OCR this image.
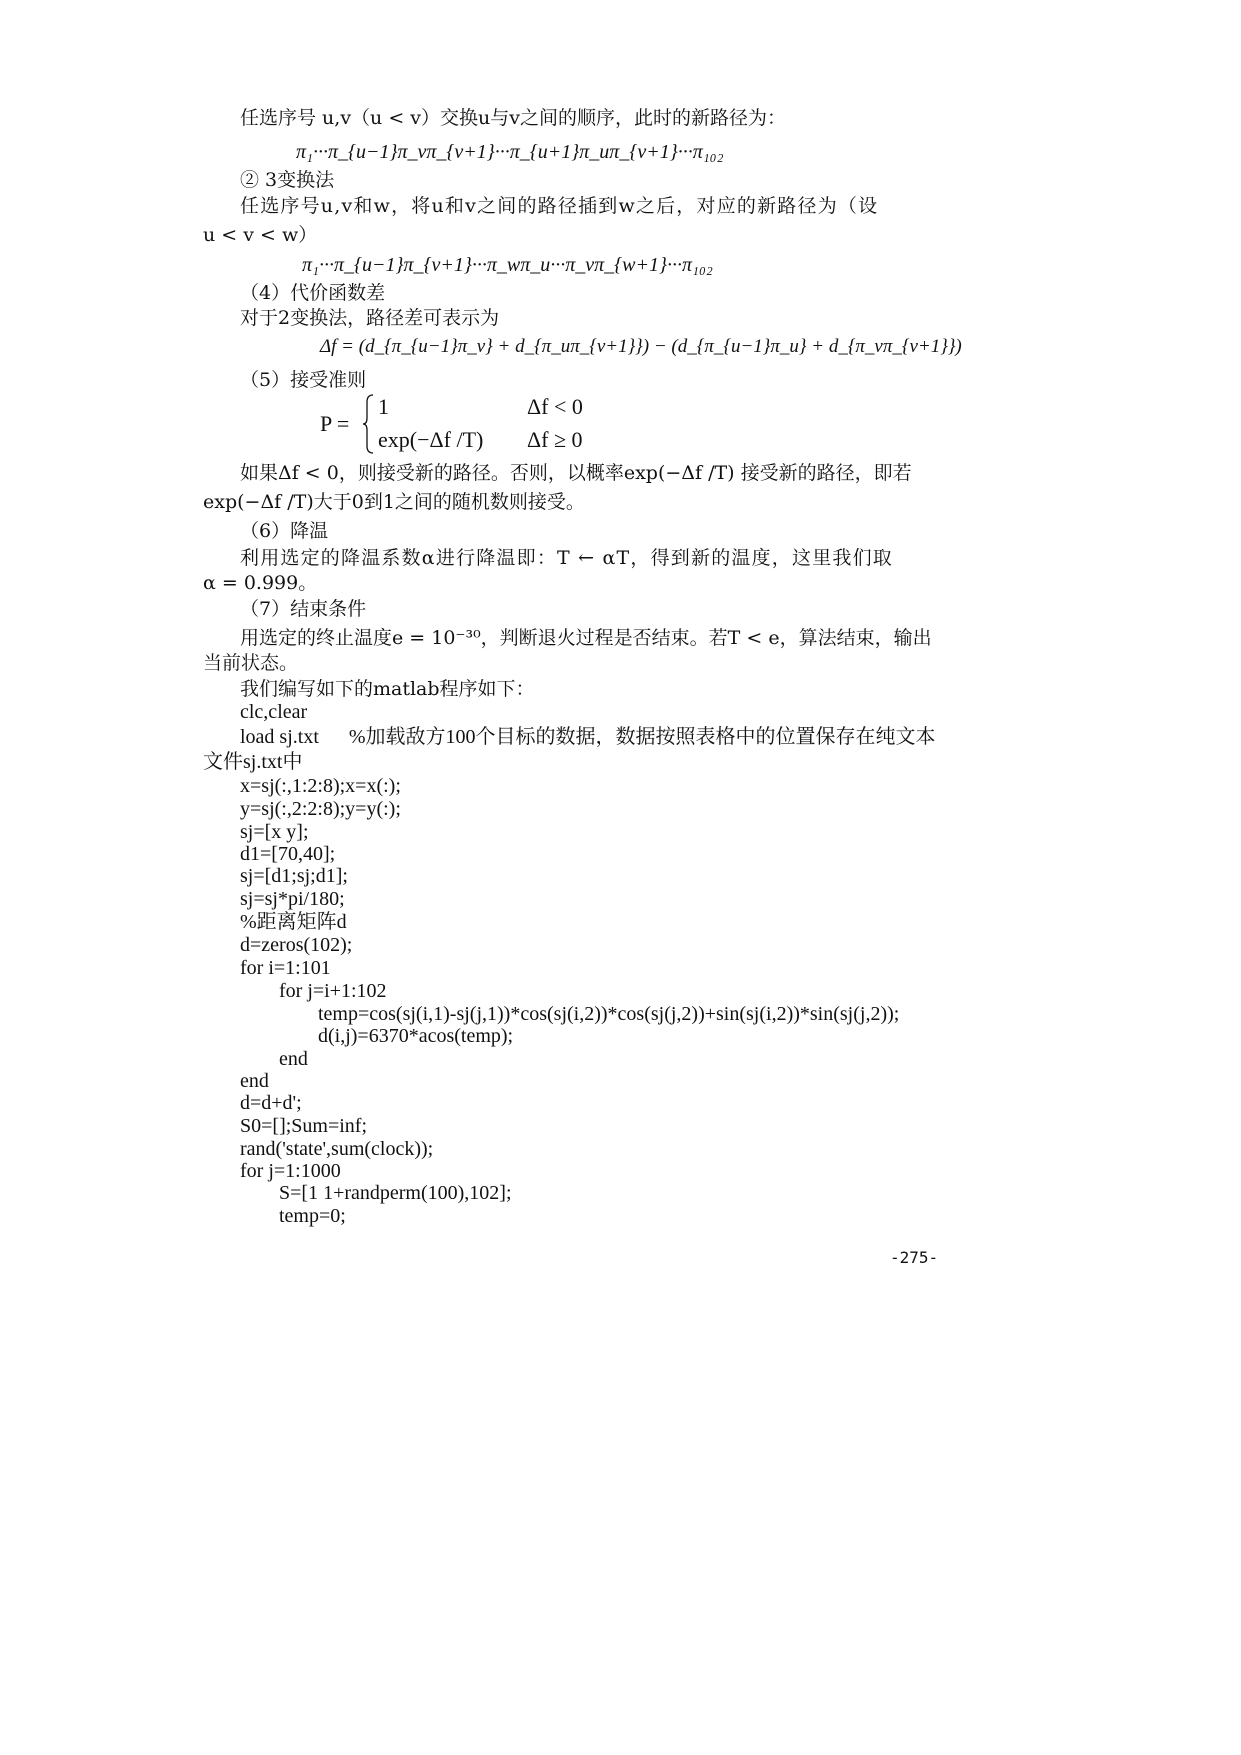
任选序号 u,v（u < v）交换u与v之间的顺序，此时的新路径为：
π₁···π_{u−1}π_vπ_{v+1}···π_{u+1}π_uπ_{v+1}···π₁₀₂
② 3变换法
任选序号u,v和w，将u和v之间的路径插到w之后，对应的新路径为（设
u < v < w）
π₁···π_{u−1}π_{v+1}···π_wπ_u···π_vπ_{w+1}···π₁₀₂
（4）代价函数差
对于2变换法，路径差可表示为
Δf = (d_{π_{u−1}π_v} + d_{π_uπ_{v+1}}) − (d_{π_{u−1}π_u} + d_{π_vπ_{v+1}})
（5）接受准则
P =
1	Δf < 0
exp(−Δf /T) Δf ≥ 0
如果Δf < 0，则接受新的路径。否则，以概率exp(−Δf /T) 接受新的路径，即若
exp(−Δf /T)大于0到1之间的随机数则接受。
（6）降温
利用选定的降温系数α进行降温即：T ← αT，得到新的温度，这里我们取
α = 0.999。
（7）结束条件
用选定的终止温度e = 10⁻³⁰，判断退火过程是否结束。若T < e，算法结束，输出
当前状态。
我们编写如下的matlab程序如下：
clc,clear
load sj.txt      %加载敌方100个目标的数据，数据按照表格中的位置保存在纯文本
文件sj.txt中
x=sj(:,1:2:8);x=x(:);
y=sj(:,2:2:8);y=y(:);
sj=[x y];
d1=[70,40];
sj=[d1;sj;d1];
sj=sj*pi/180;
%距离矩阵d
d=zeros(102);
for i=1:101
for j=i+1:102
temp=cos(sj(i,1)-sj(j,1))*cos(sj(i,2))*cos(sj(j,2))+sin(sj(i,2))*sin(sj(j,2));
d(i,j)=6370*acos(temp);
end
end
d=d+d';
S0=[];Sum=inf;
rand('state',sum(clock));
for j=1:1000
S=[1 1+randperm(100),102];
temp=0;
-275-
